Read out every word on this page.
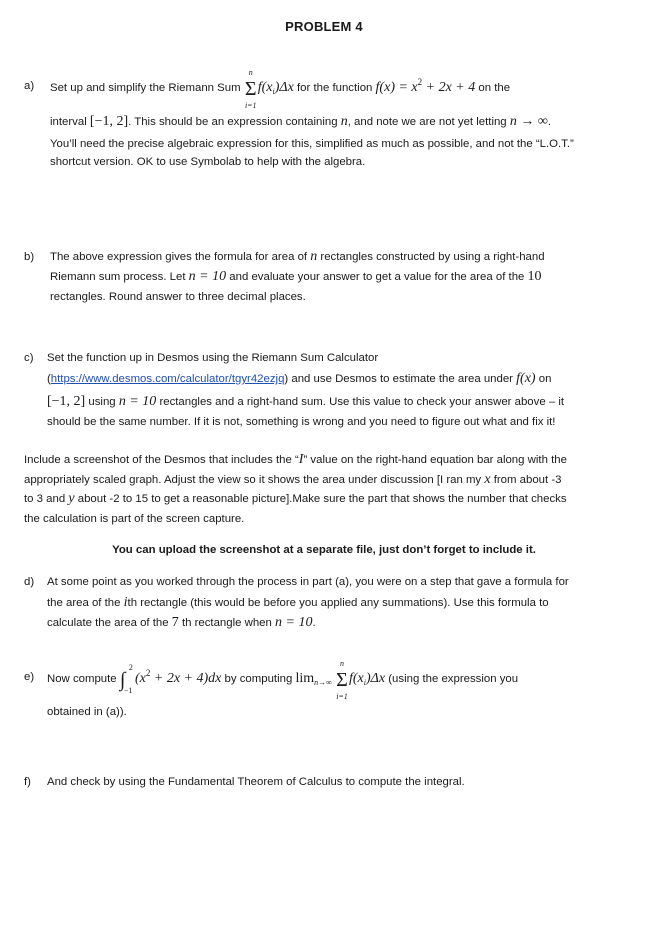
PROBLEM 4
a) Set up and simplify the Riemann Sum Σ
n
i=1
$f(x_i)\Delta x$ for the function $f(x) = x^2 + 2x + 4$ on the
interval [−1, 2]. This should be an expression containing n, and note we are not yet letting n → ∞.
You’ll need the precise algebraic expression for this, simplified as much as possible, and not the “L.O.T.”
shortcut version. OK to use Symbolab to help with the algebra.
b) The above expression gives the formula for area of n rectangles constructed by using a right-hand
Riemann sum process. Let n = 10 and evaluate your answer to get a value for the area of the 10
rectangles. Round answer to three decimal places.
c) Set the function up in Desmos using the Riemann Sum Calculator
(https://www.desmos.com/calculator/tgyr42ezjq) and use Desmos to estimate the area under f(x) on
[−1, 2] using n = 10 rectangles and a right-hand sum. Use this value to check your answer above – it
should be the same number. If it is not, something is wrong and you need to figure out what and fix it!
Include a screenshot of the Desmos that includes the “I” value on the right-hand equation bar along with the
appropriately scaled graph. Adjust the view so it shows the area under discussion [I ran my x from about -3
to 3 and y about -2 to 15 to get a reasonable picture].Make sure the part that shows the number that checks
the calculation is part of the screen capture.
You can upload the screenshot at a separate file, just don’t forget to include it.
d) At some point as you worked through the process in part (a), you were on a step that gave a formula for
the area of the ith rectangle (this would be before you applied any summations). Use this formula to
calculate the area of the 7 th rectangle when n = 10.
e) Now compute ∫
2
−1
$(x^2 + 2x + 4)dx$ by computing $\lim_{n\to\infty} \Sigma$
n
i=1
$f(x_i)\Delta x$ (using the expression you
obtained in (a)).
f) And check by using the Fundamental Theorem of Calculus to compute the integral.
